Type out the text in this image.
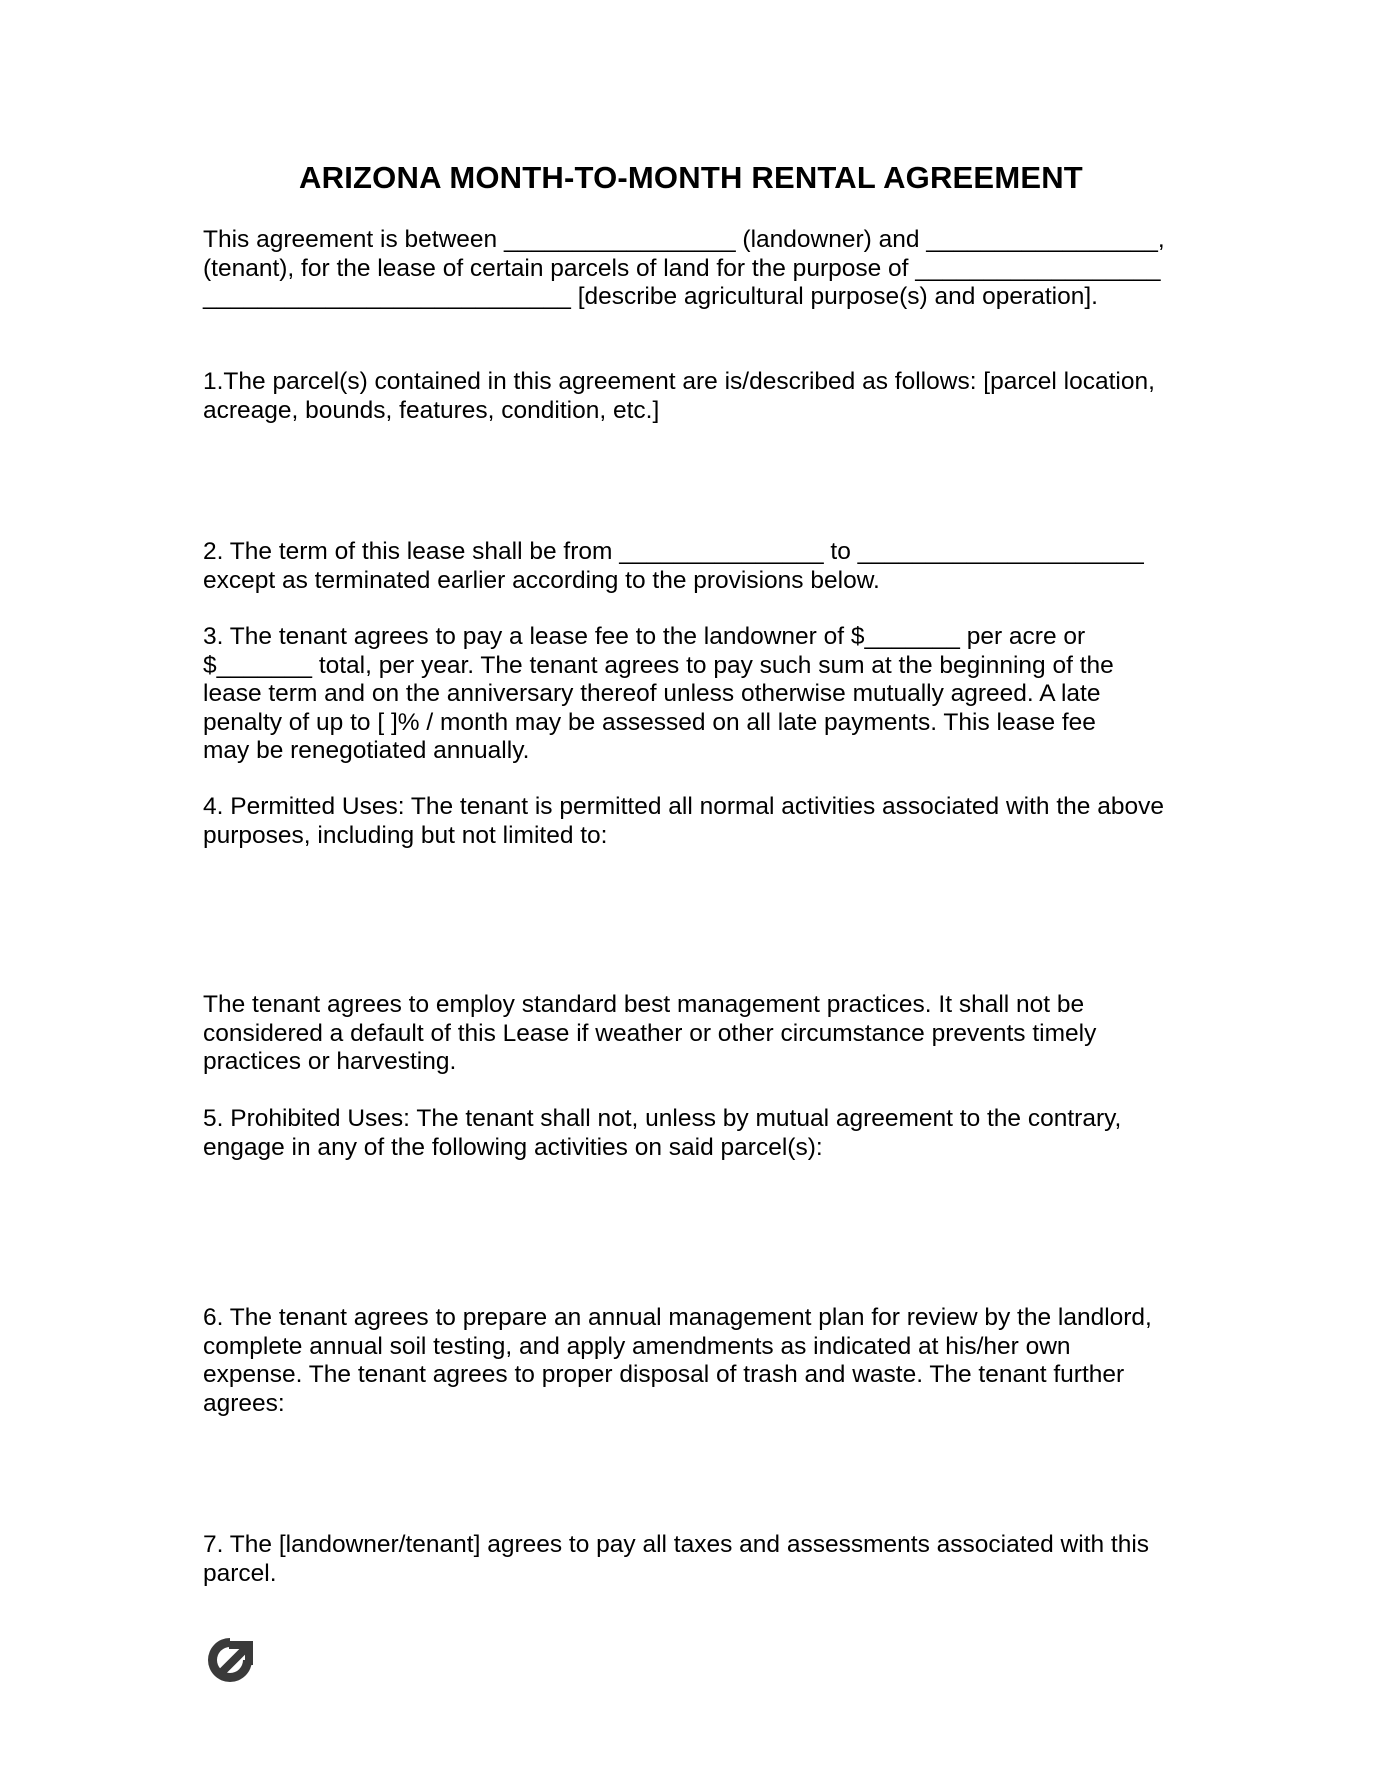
ARIZONA MONTH-TO-MONTH RENTAL AGREEMENT

This agreement is between _________________ (landowner) and _________________,

(tenant), for the lease of certain parcels of land for the purpose of __________________

___________________________ [describe agricultural purpose(s) and operation].

1.The parcel(s) contained in this agreement are is/described as follows: [parcel location,

acreage, bounds, features, condition, etc.]

2. The term of this lease shall be from _______________ to _____________________

except as terminated earlier according to the provisions below.

3. The tenant agrees to pay a lease fee to the landowner of $_______ per acre or

$_______ total, per year. The tenant agrees to pay such sum at the beginning of the

lease term and on the anniversary thereof unless otherwise mutually agreed. A late

penalty of up to [ ]% / month may be assessed on all late payments. This lease fee

may be renegotiated annually.

4. Permitted Uses: The tenant is permitted all normal activities associated with the above

purposes, including but not limited to:

The tenant agrees to employ standard best management practices. It shall not be

considered a default of this Lease if weather or other circumstance prevents timely

practices or harvesting.

5. Prohibited Uses: The tenant shall not, unless by mutual agreement to the contrary,

engage in any of the following activities on said parcel(s):

6. The tenant agrees to prepare an annual management plan for review by the landlord,

complete annual soil testing, and apply amendments as indicated at his/her own

expense. The tenant agrees to proper disposal of trash and waste. The tenant further

agrees:

7. The [landowner/tenant] agrees to pay all taxes and assessments associated with this

parcel.
